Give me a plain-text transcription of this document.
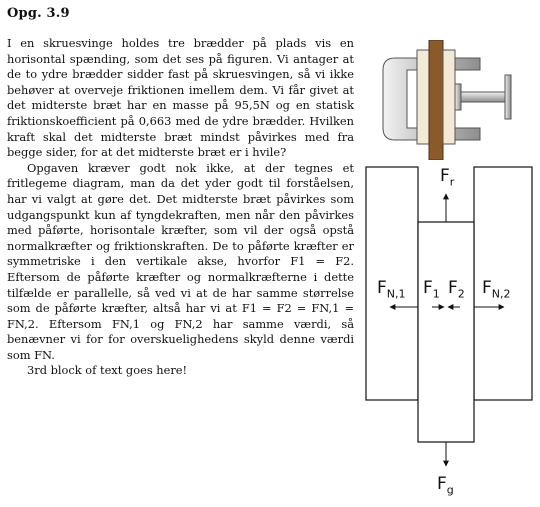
Opg. 3.9

I en skruesvinge holdes tre brædder på plads vis en horisontal spænding, som det ses på figuren. Vi antager at de to ydre brædder sidder fast på skruesvingen, så vi ikke behøver at overveje friktionen imellem dem. Vi får givet at det midterste bræt har en masse på 95,5N og en statisk friktionskoefficient på 0,663 med de ydre brædder. Hvilken kraft skal det midterste bræt mindst påvirkes med fra begge sider, for at det midterste bræt er i hvile?

Opgaven kræver godt nok ikke, at der tegnes et fritlegeme diagram, man da det yder godt til forståelsen, har vi valgt at gøre det. Det midterste bræt påvirkes som udgangspunkt kun af tyngdekraften, men når den påvirkes med påførte, horisontale kræfter, som vil der også opstå normalkræfter og friktionskraften. De to påførte kræfter er symmetriske i den vertikale akse, hvorfor F1 = F2. Eftersom de påførte kræfter og normalkræfterne i dette tilfælde er parallelle, så ved vi at de har samme størrelse som de påførte kræfter, altså har vi at F1 = F2 = FN,1 = FN,2. Eftersom FN,1 og FN,2 har samme værdi, så benævner vi for for overskuelighedens skyld denne værdi som FN.

3rd block of text goes here!

$F_r$
$F_{N,1}$ $F_1$ $F_2$ $F_{N,2}$
$F_g$
